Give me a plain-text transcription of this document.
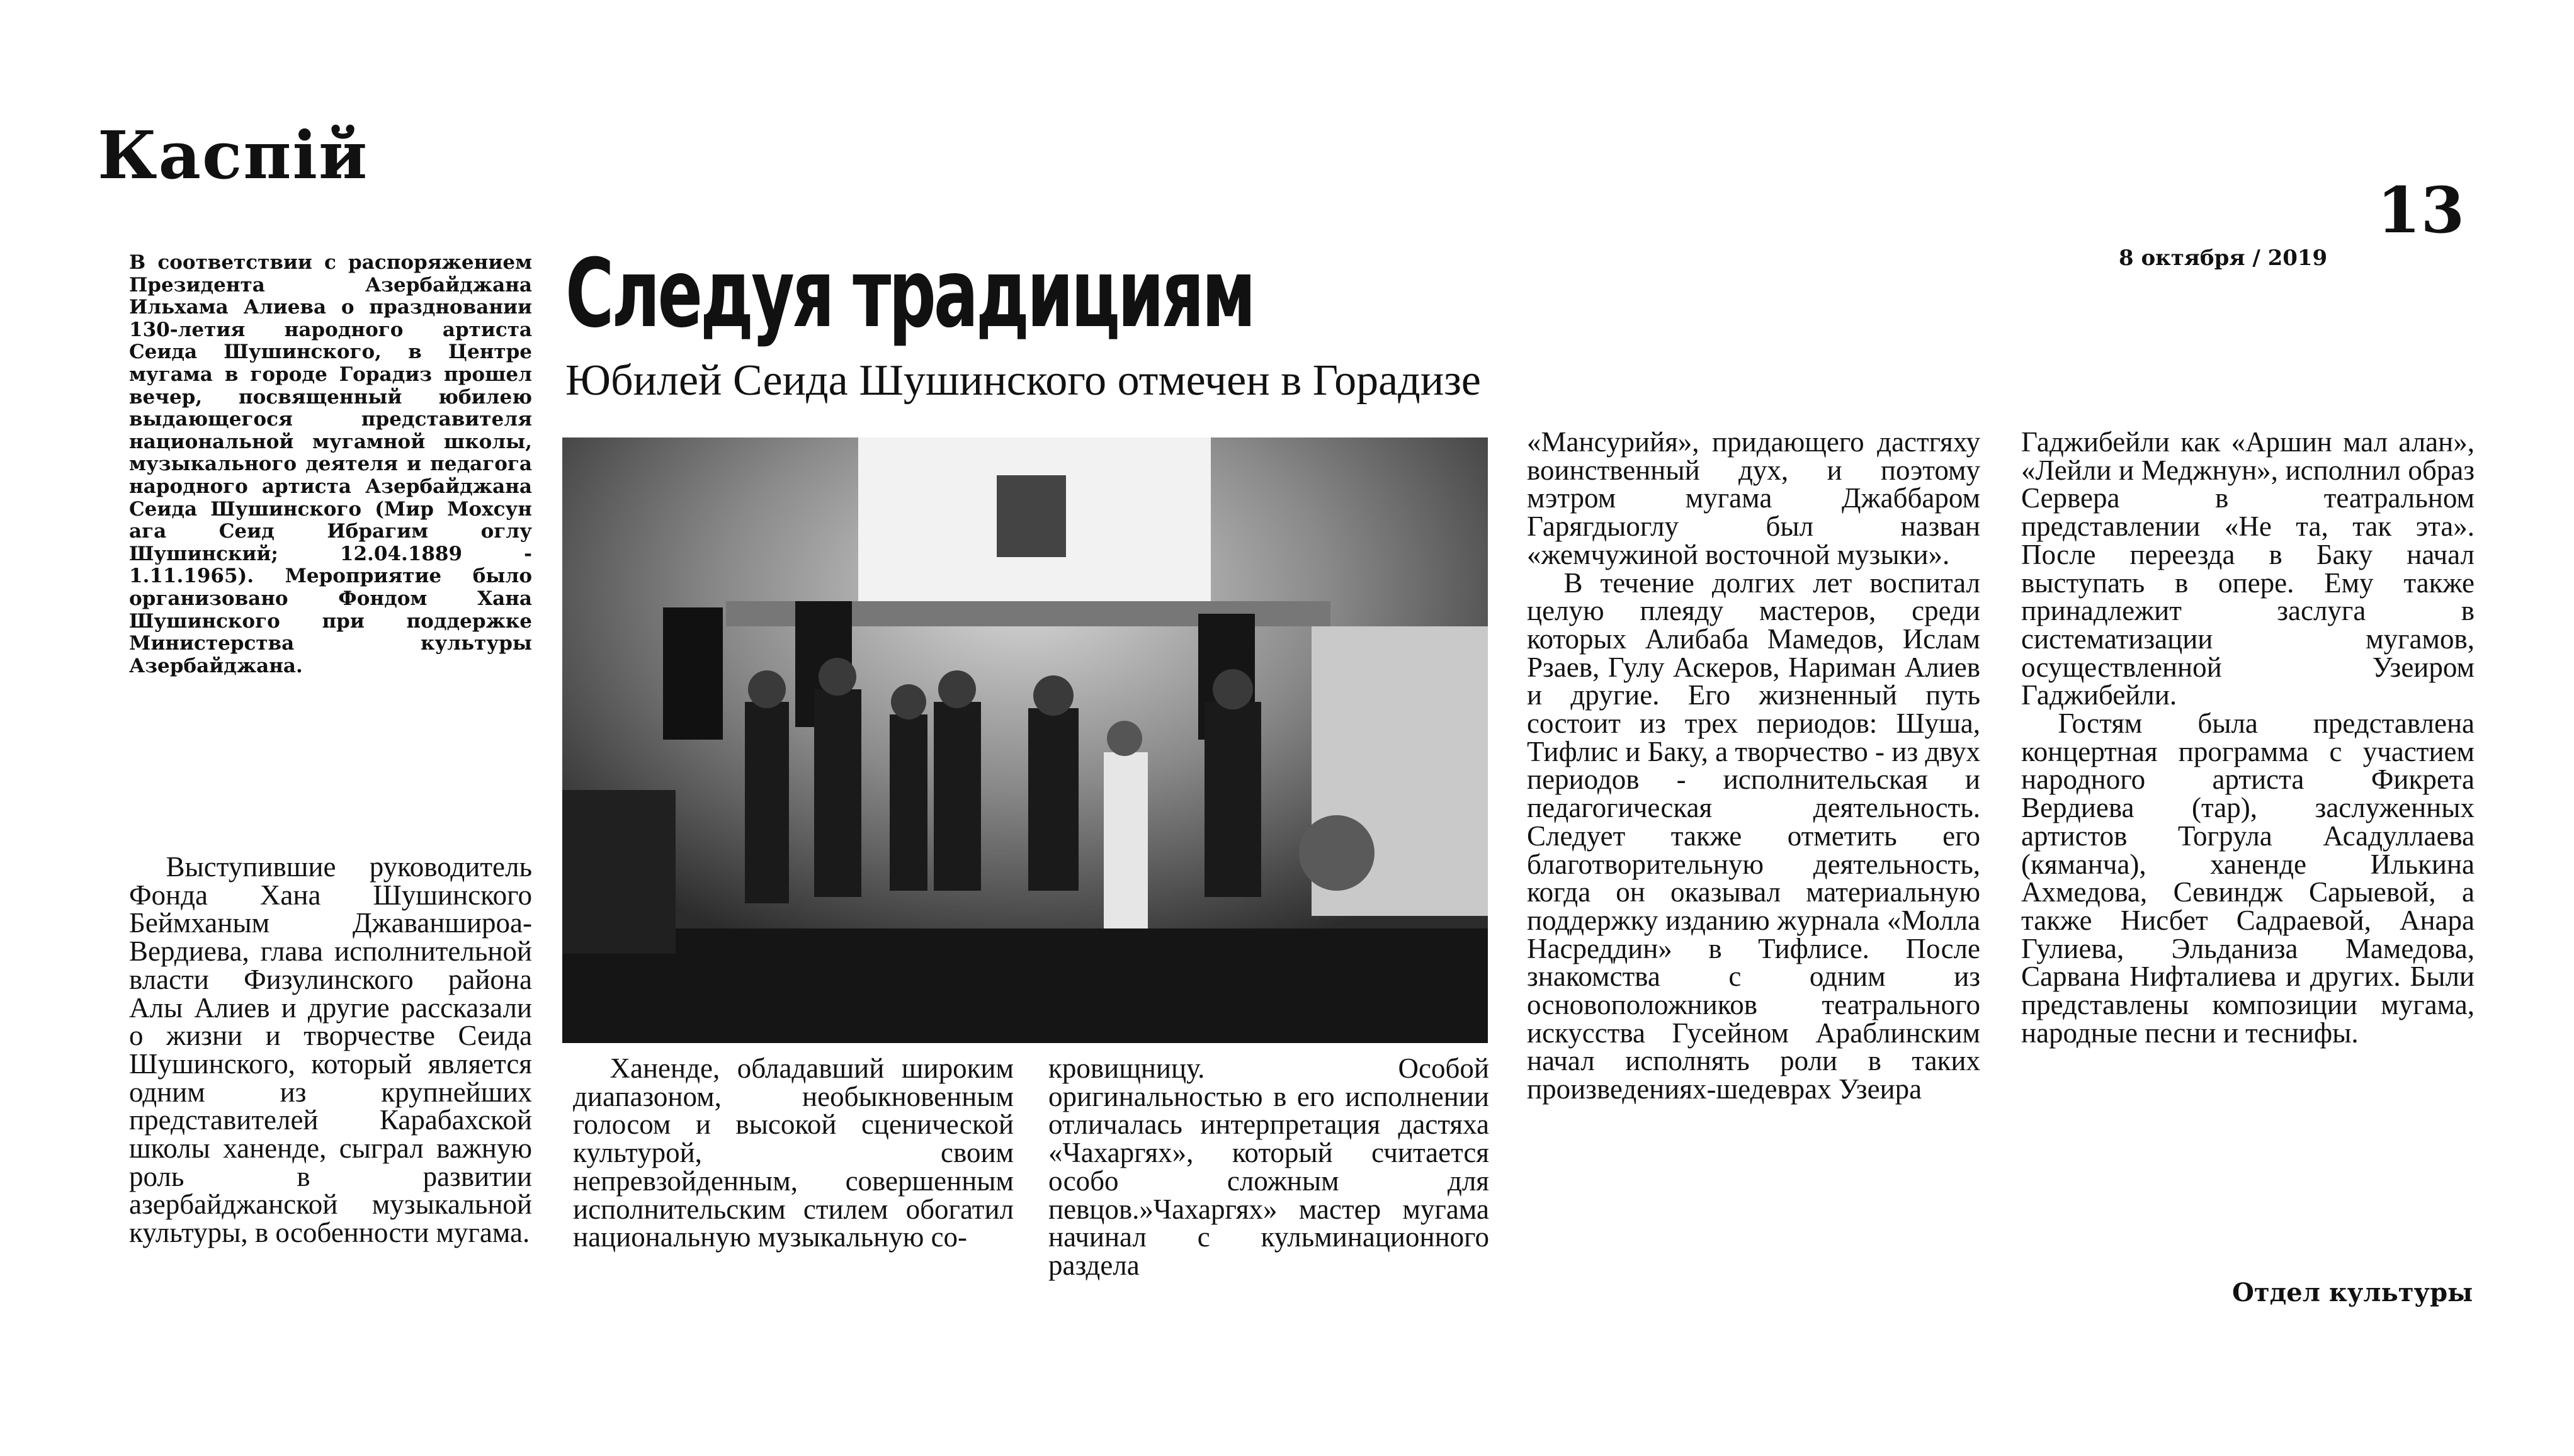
Каспій
13
8 октября / 2019
Следуя традициям
Юбилей Сеида Шушинского отмечен в Горадизе
В соответствии с распоряжением Президента Азербайджана Ильхама Алиева о праздновании 130-летия народного артиста Сеида Шушинского, в Центре мугама в городе Горадиз прошел вечер, посвященный юбилею выдающегося представителя национальной мугамной школы, музыкального деятеля и педагога народного артиста Азербайджана Сеида Шушинского (Мир Мохсун ага Сеид Ибрагим оглу Шушинский; 12.04.1889 - 1.11.1965). Мероприятие было организовано Фондом Хана Шушинского при поддержке Министерства культуры Азербайджана.

Выступившие руководитель Фонда Хана Шушинского Беймханым Джаваншироа-Вердиева, глава исполнительной власти Физулинского района Алы Алиев и другие рассказали о жизни и творчестве Сеида Шушинского, который является одним из крупнейших представителей Карабахской школы ханенде, сыграл важную роль в развитии азербайджанской музыкальной культуры, в особенности мугама.

Ханенде, обладавший широким диапазоном, необыкновенным голосом и высокой сценической культурой, своим непревзойденным, совершенным исполнительским стилем обогатил национальную музыкальную со-

кровищницу. Особой оригинальностью в его исполнении отличалась интерпретация дастяха «Чахаргях», который считается особо сложным для певцов.»Чахаргях» мастер мугама начинал с кульминационного раздела

«Мансурийя», придающего дастгяху воинственный дух, и поэтому мэтром мугама Джаббаром Гарягдыоглу был назван «жемчужиной восточной музыки».

В течение долгих лет воспитал целую плеяду мастеров, среди которых Алибаба Мамедов, Ислам Рзаев, Гулу Аскеров, Нариман Алиев и другие. Его жизненный путь состоит из трех периодов: Шуша, Тифлис и Баку, а творчество - из двух периодов - исполнительская и педагогическая деятельность. Следует также отметить его благотворительную деятельность, когда он оказывал материальную поддержку изданию журнала «Молла Насреддин» в Тифлисе. После знакомства с одним из основоположников театрального искусства Гусейном Араблинским начал исполнять роли в таких произведениях-шедеврах Узеира

Гаджибейли как «Аршин мал алан», «Лейли и Меджнун», исполнил образ Сервера в театральном представлении «Не та, так эта». После переезда в Баку начал выступать в опере. Ему также принадлежит заслуга в систематизации мугамов, осуществленной Узеиром Гаджибейли.

Гостям была представлена концертная программа с участием народного артиста Фикрета Вердиева (тар), заслуженных артистов Тогрула Асадуллаева (кяманча), ханенде Илькина Ахмедова, Севиндж Сарыевой, а также Нисбет Садраевой, Анара Гулиева, Эльданиза Мамедова, Сарвана Нифталиева и других. Были представлены композиции мугама, народные песни и теснифы.

Отдел культуры
